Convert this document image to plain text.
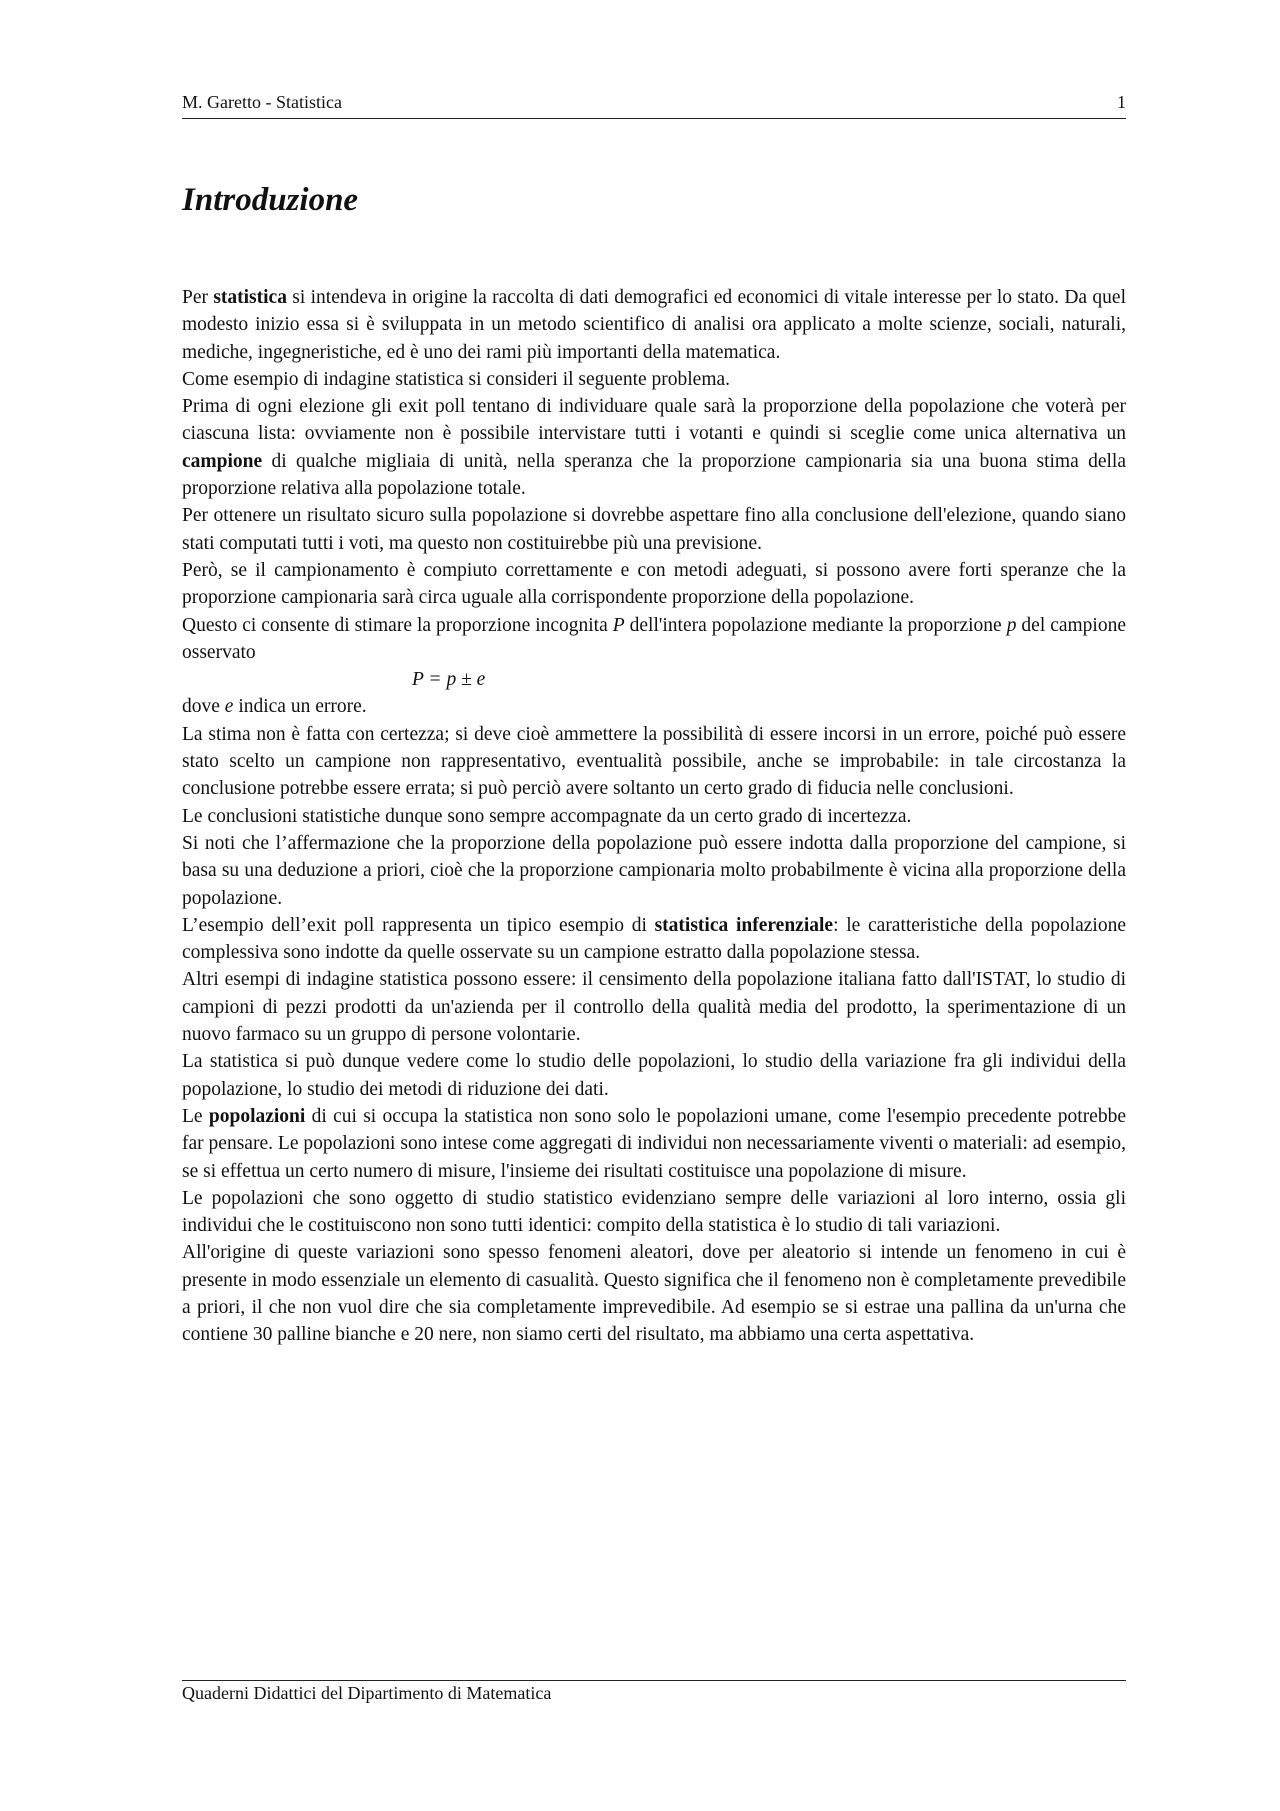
M. Garetto - Statistica	1
Introduzione

Per statistica si intendeva in origine la raccolta di dati demografici ed economici di vitale interesse per lo stato. Da quel modesto inizio essa si è sviluppata in un metodo scientifico di analisi ora applicato a molte scienze, sociali, naturali, mediche, ingegneristiche, ed è uno dei rami più importanti della matematica.

Come esempio di indagine statistica si consideri il seguente problema.

Prima di ogni elezione gli exit poll tentano di individuare quale sarà la proporzione della popolazione che voterà per ciascuna lista: ovviamente non è possibile intervistare tutti i votanti e quindi si sceglie come unica alternativa un campione di qualche migliaia di unità, nella speranza che la proporzione campionaria sia una buona stima della proporzione relativa alla popolazione totale.

Per ottenere un risultato sicuro sulla popolazione si dovrebbe aspettare fino alla conclusione dell'elezione, quando siano stati computati tutti i voti, ma questo non costituirebbe più una previsione.

Però, se il campionamento è compiuto correttamente e con metodi adeguati, si possono avere forti speranze che la proporzione campionaria sarà circa uguale alla corrispondente proporzione della popolazione.

Questo ci consente di stimare la proporzione incognita P dell'intera popolazione mediante la proporzione p del campione osservato

P = p ± e

dove e indica un errore.

La stima non è fatta con certezza; si deve cioè ammettere la possibilità di essere incorsi in un errore, poiché può essere stato scelto un campione non rappresentativo, eventualità possibile, anche se improbabile: in tale circostanza la conclusione potrebbe essere errata; si può perciò avere soltanto un certo grado di fiducia nelle conclusioni.

Le conclusioni statistiche dunque sono sempre accompagnate da un certo grado di incertezza.

Si noti che l’affermazione che la proporzione della popolazione può essere indotta dalla proporzione del campione, si basa su una deduzione a priori, cioè che la proporzione campionaria molto probabilmente è vicina alla proporzione della popolazione.

L’esempio dell’exit poll rappresenta un tipico esempio di statistica inferenziale: le caratteristiche della popolazione complessiva sono indotte da quelle osservate su un campione estratto dalla popolazione stessa.

Altri esempi di indagine statistica possono essere: il censimento della popolazione italiana fatto dall'ISTAT, lo studio di campioni di pezzi prodotti da un'azienda per il controllo della qualità media del prodotto, la sperimentazione di un nuovo farmaco su un gruppo di persone volontarie.

La statistica si può dunque vedere come lo studio delle popolazioni, lo studio della variazione fra gli individui della popolazione, lo studio dei metodi di riduzione dei dati.

Le popolazioni di cui si occupa la statistica non sono solo le popolazioni umane, come l'esempio precedente potrebbe far pensare. Le popolazioni sono intese come aggregati di individui non necessariamente viventi o materiali: ad esempio, se si effettua un certo numero di misure, l'insieme dei risultati costituisce una popolazione di misure.

Le popolazioni che sono oggetto di studio statistico evidenziano sempre delle variazioni al loro interno, ossia gli individui che le costituiscono non sono tutti identici: compito della statistica è lo studio di tali variazioni.

All'origine di queste variazioni sono spesso fenomeni aleatori, dove per aleatorio si intende un fenomeno in cui è presente in modo essenziale un elemento di casualità. Questo significa che il fenomeno non è completamente prevedibile a priori, il che non vuol dire che sia completamente imprevedibile. Ad esempio se si estrae una pallina da un'urna che contiene 30 palline bianche e 20 nere, non siamo certi del risultato, ma abbiamo una certa aspettativa.

Quaderni Didattici del Dipartimento di Matematica
